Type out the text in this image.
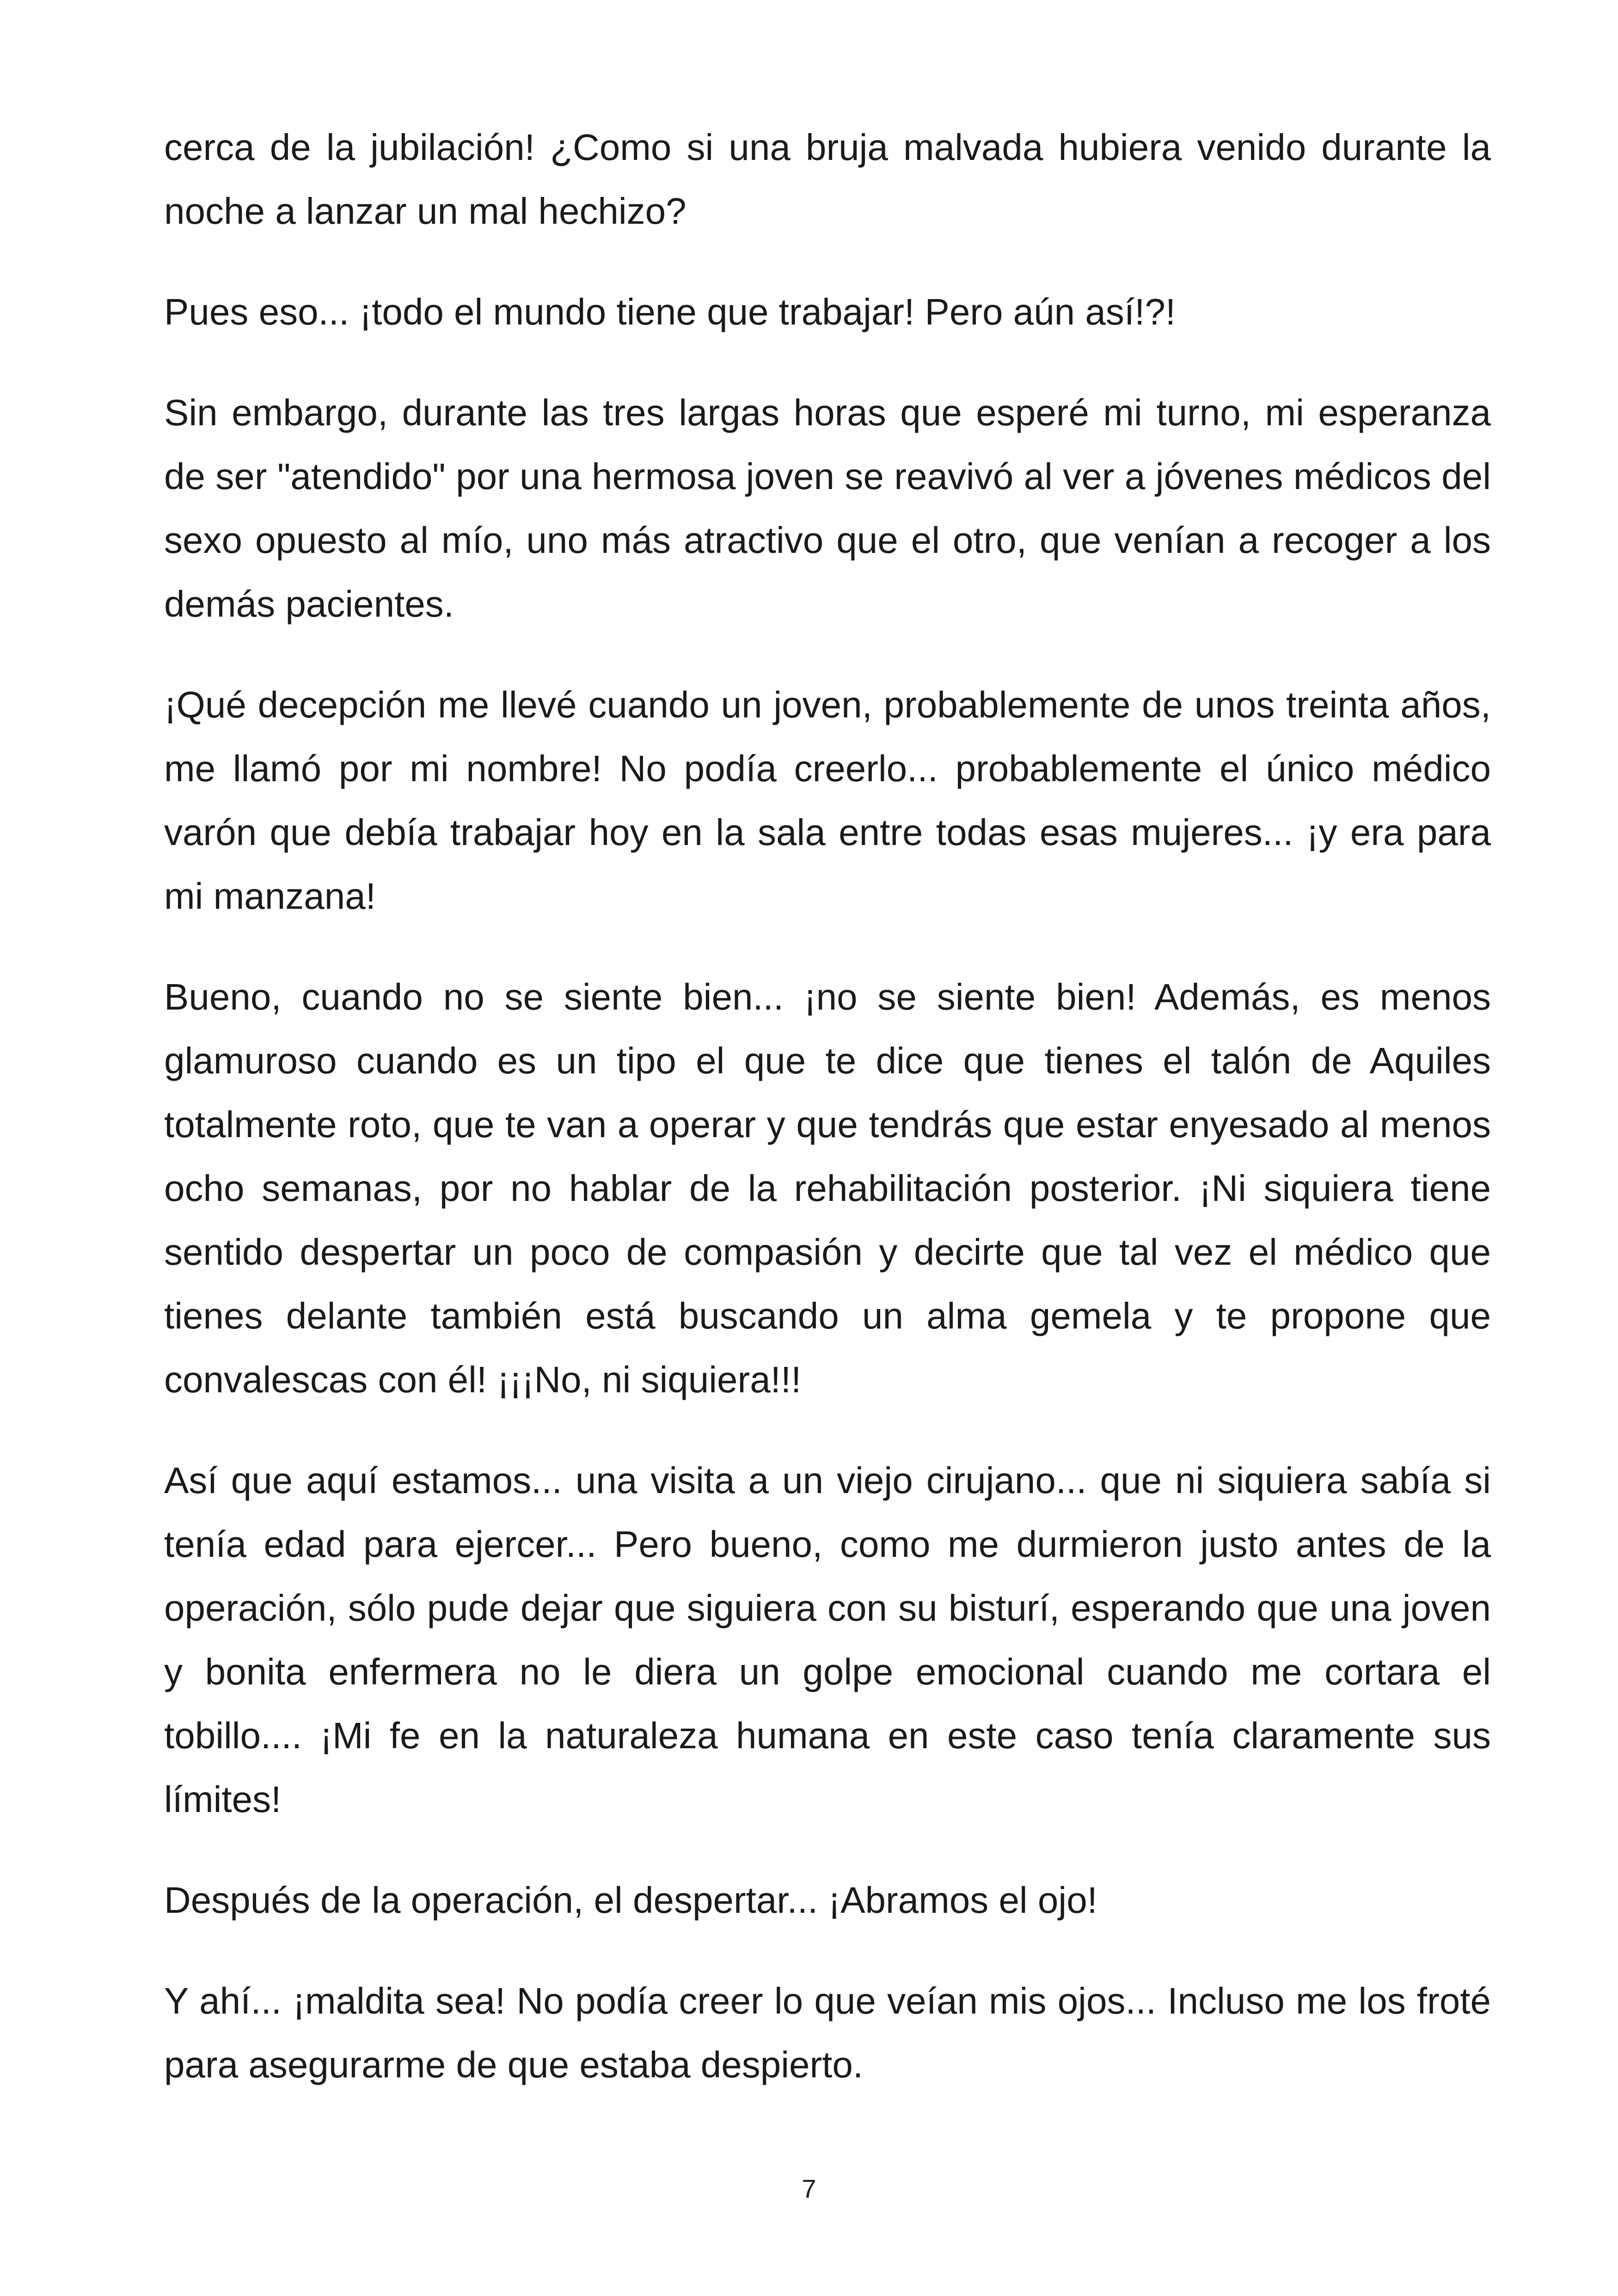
cerca de la jubilación! ¿Como si una bruja malvada hubiera venido durante la noche a lanzar un mal hechizo?

Pues eso... ¡todo el mundo tiene que trabajar! Pero aún así!?!

Sin embargo, durante las tres largas horas que esperé mi turno, mi esperanza de ser "atendido" por una hermosa joven se reavivó al ver a jóvenes médicos del sexo opuesto al mío, uno más atractivo que el otro, que venían a recoger a los demás pacientes.

¡Qué decepción me llevé cuando un joven, probablemente de unos treinta años, me llamó por mi nombre! No podía creerlo... probablemente el único médico varón que debía trabajar hoy en la sala entre todas esas mujeres... ¡y era para mi manzana!

Bueno, cuando no se siente bien... ¡no se siente bien! Además, es menos glamuroso cuando es un tipo el que te dice que tienes el talón de Aquiles totalmente roto, que te van a operar y que tendrás que estar enyesado al menos ocho semanas, por no hablar de la rehabilitación posterior. ¡Ni siquiera tiene sentido despertar un poco de compasión y decirte que tal vez el médico que tienes delante también está buscando un alma gemela y te propone que convalescas con él! ¡¡¡No, ni siquiera!!!

Así que aquí estamos... una visita a un viejo cirujano... que ni siquiera sabía si tenía edad para ejercer... Pero bueno, como me durmieron justo antes de la operación, sólo pude dejar que siguiera con su bisturí, esperando que una joven y bonita enfermera no le diera un golpe emocional cuando me cortara el tobillo.... ¡Mi fe en la naturaleza humana en este caso tenía claramente sus límites!

Después de la operación, el despertar... ¡Abramos el ojo!

Y ahí... ¡maldita sea! No podía creer lo que veían mis ojos... Incluso me los froté para asegurarme de que estaba despierto.

7
